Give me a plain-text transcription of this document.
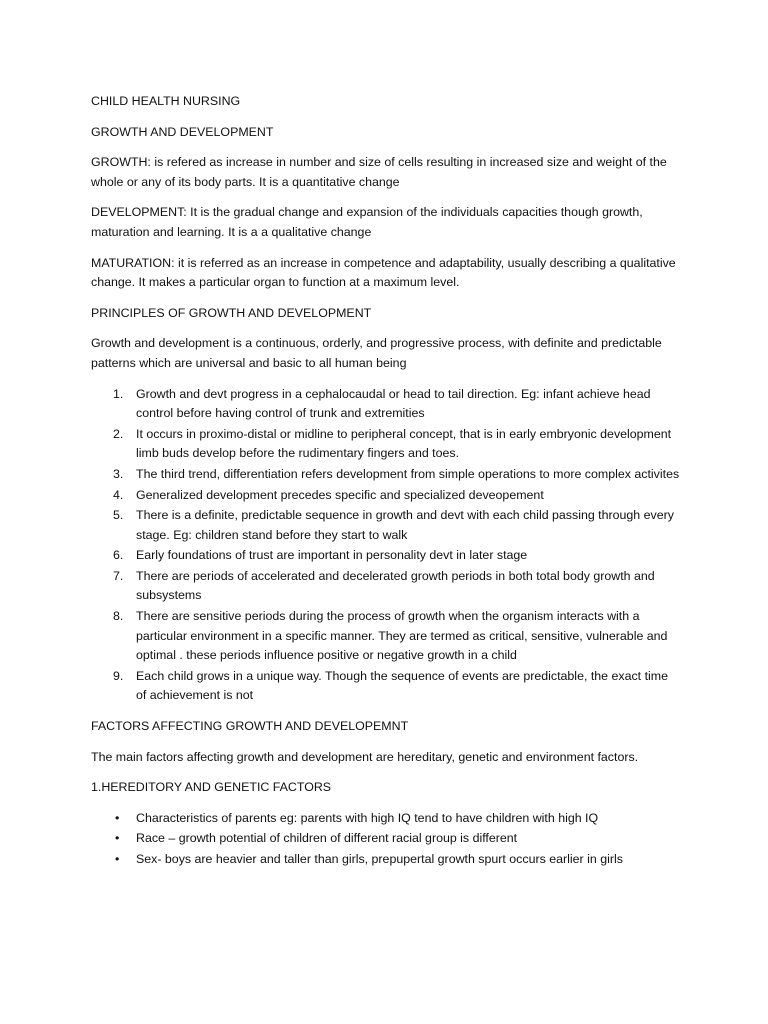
CHILD HEALTH NURSING

GROWTH AND DEVELOPMENT

GROWTH: is refered as increase in number and size of cells resulting in increased size and weight of the whole or any of its body parts. It is a quantitative change

DEVELOPMENT: It is the gradual change and expansion of the individuals capacities though growth, maturation and learning. It is a a qualitative change

MATURATION: it is referred as an increase in competence and adaptability, usually describing a qualitative change. It makes a particular organ to function at a maximum level.

PRINCIPLES OF GROWTH AND DEVELOPMENT

Growth and development is a continuous, orderly, and progressive process, with definite and predictable patterns which are universal and basic to all human being

1. Growth and devt progress in a cephalocaudal or head to tail direction. Eg: infant achieve head control before having control of trunk and extremities
2. It occurs in proximo-distal or midline to peripheral concept, that is in early embryonic development limb buds develop before the rudimentary fingers and toes.
3. The third trend, differentiation refers development from simple operations to more complex activites
4. Generalized development precedes specific and specialized deveopement
5. There is a definite, predictable sequence in growth and devt with each child passing through every stage. Eg: children stand before they start to walk
6. Early foundations of trust are important in personality devt in later stage
7. There are periods of accelerated and decelerated growth periods in both total body growth and subsystems
8. There are sensitive periods during the process of growth when the organism interacts with a particular environment in a specific manner. They are termed as critical, sensitive, vulnerable and optimal . these periods influence positive or negative growth in a child
9. Each child grows in a unique way. Though the sequence of events are predictable, the exact time of achievement is not

FACTORS AFFECTING GROWTH AND DEVELOPEMNT

The main factors affecting growth and development are hereditary, genetic and environment factors.

1.HEREDITORY AND GENETIC FACTORS

• Characteristics of parents eg: parents with high IQ tend to have children with high IQ
• Race – growth potential of children of different racial group is different
• Sex- boys are heavier and taller than girls, prepupertal growth spurt occurs earlier in girls
